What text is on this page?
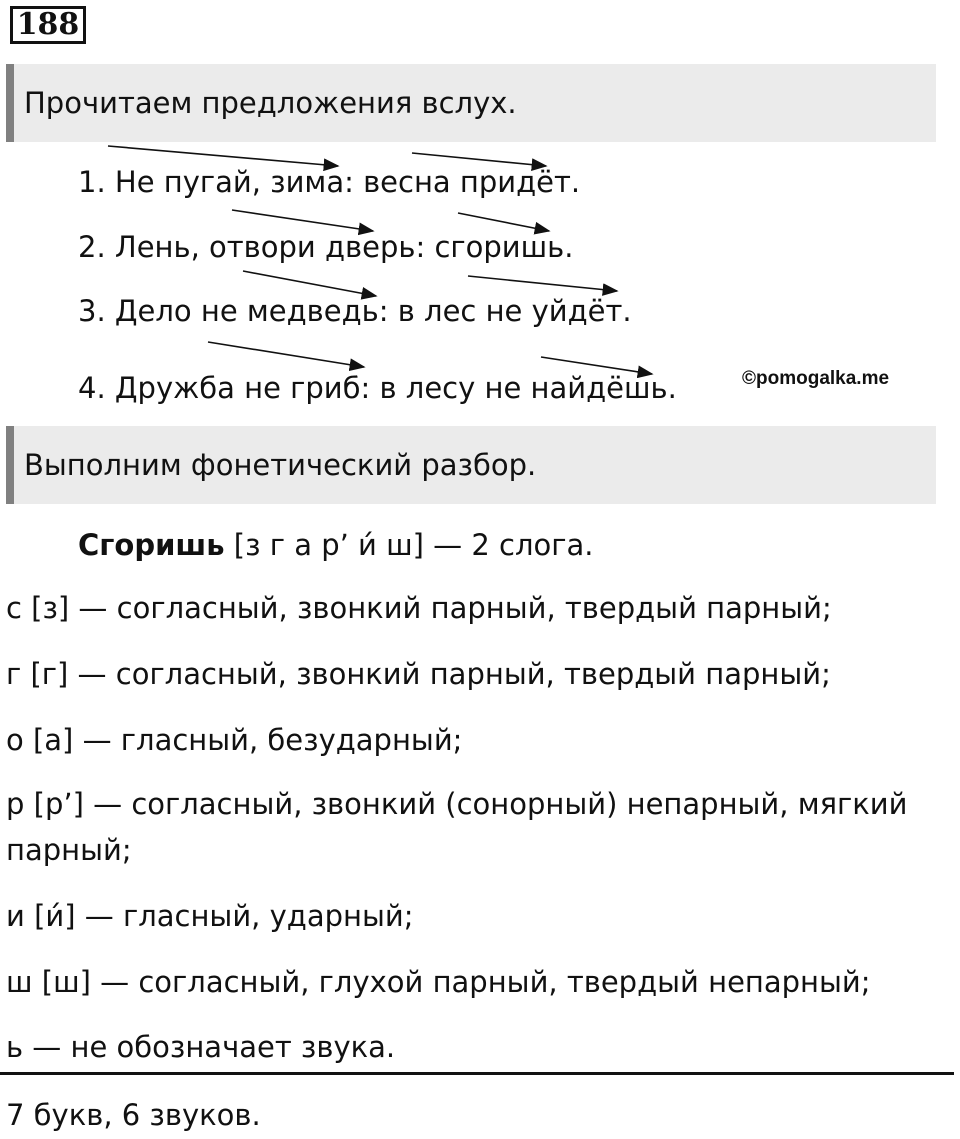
188
Прочитаем предложения вслух.
1. Не пугай, зима: весна придёт.
2. Лень, отвори дверь: сгоришь.
3. Дело не медведь: в лес не уйдёт.
4. Дружба не гриб: в лесу не найдёшь.	©pomogalka.me
Выполним фонетический разбор.
Сгоришь [з г а р’ и́ ш] — 2 слога.
с [з] — согласный, звонкий парный, твердый парный;
г [г] — согласный, звонкий парный, твердый парный;
о [а] — гласный, безударный;
р [р’] — согласный, звонкий (сонорный) непарный, мягкий
парный;
и [и́] — гласный, ударный;
ш [ш] — согласный, глухой парный, твердый непарный;
ь — не обозначает звука.
7 букв, 6 звуков.
